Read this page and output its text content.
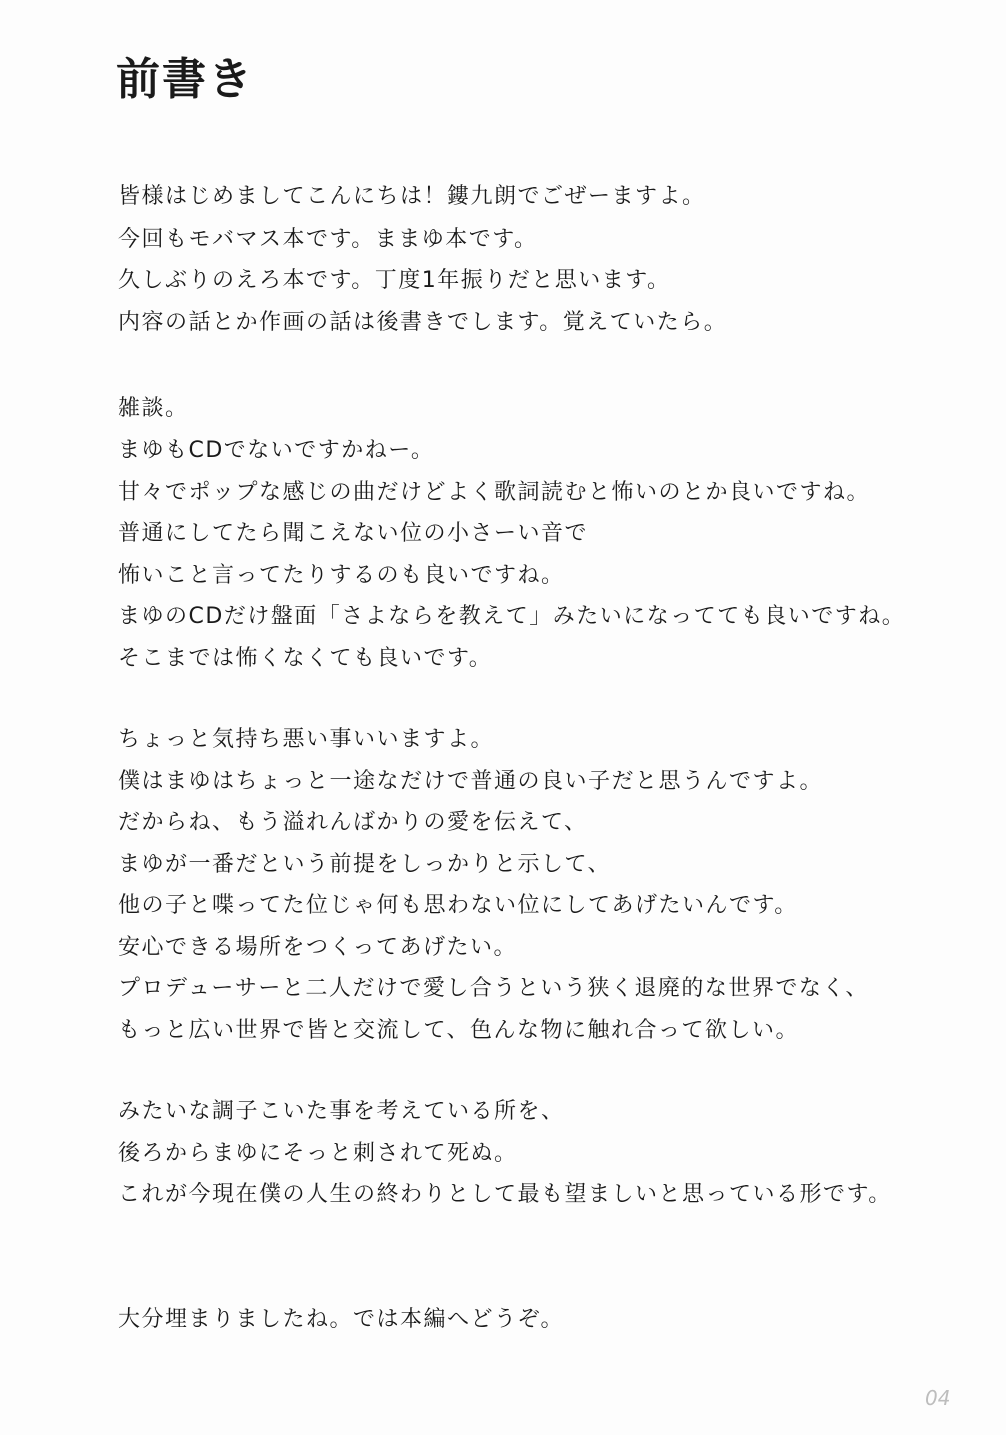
前書き

皆様はじめましてこんにちは！鏤九朗でごぜーますよ。

今回もモバマス本です。ままゆ本です。

久しぶりのえろ本です。丁度1年振りだと思います。

内容の話とか作画の話は後書きでします。覚えていたら。

雑談。

まゆもCDでないですかねー。

甘々でポップな感じの曲だけどよく歌詞読むと怖いのとか良いですね。

普通にしてたら聞こえない位の小さーい音で

怖いこと言ってたりするのも良いですね。

まゆのCDだけ盤面「さよならを教えて」みたいになってても良いですね。

そこまでは怖くなくても良いです。

ちょっと気持ち悪い事いいますよ。

僕はまゆはちょっと一途なだけで普通の良い子だと思うんですよ。

だからね、もう溢れんばかりの愛を伝えて、

まゆが一番だという前提をしっかりと示して、

他の子と喋ってた位じゃ何も思わない位にしてあげたいんです。

安心できる場所をつくってあげたい。

プロデューサーと二人だけで愛し合うという狭く退廃的な世界でなく、

もっと広い世界で皆と交流して、色んな物に触れ合って欲しい。

みたいな調子こいた事を考えている所を、

後ろからまゆにそっと刺されて死ぬ。

これが今現在僕の人生の終わりとして最も望ましいと思っている形です。

大分埋まりましたね。では本編へどうぞ。

04
